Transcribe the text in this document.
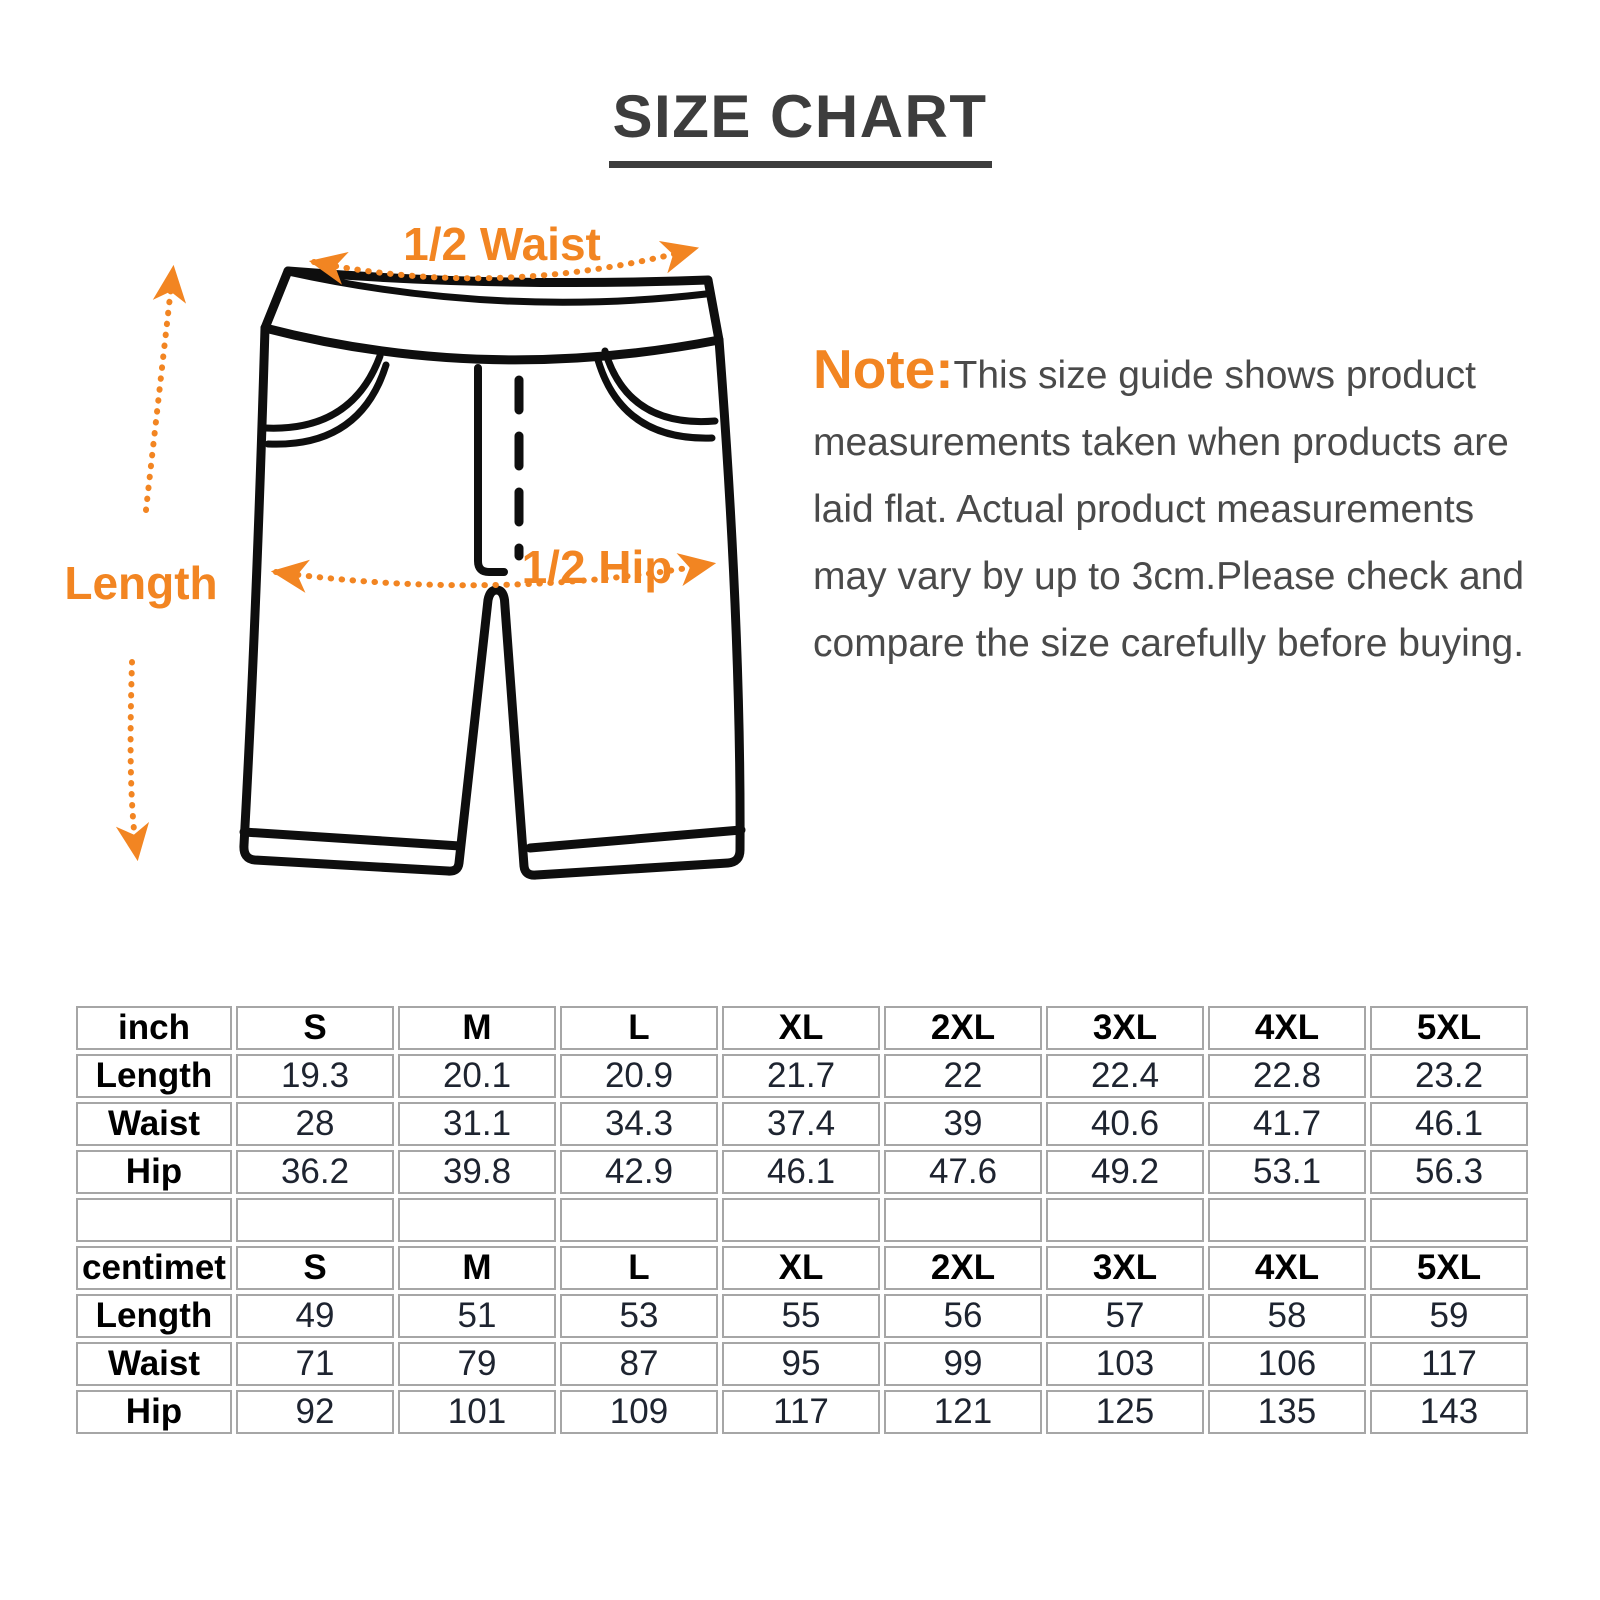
SIZE CHART
1/2 Waist
1/2 Hip
Length
Note:This size guide shows product measurements taken when products are laid flat. Actual product measurements may vary by up to 3cm.Please check and compare the size carefully before buying.
inch	S	M	L	XL	2XL	3XL	4XL	5XL
Length	19.3	20.1	20.9	21.7	22	22.4	22.8	23.2
Waist	28	31.1	34.3	37.4	39	40.6	41.7	46.1
Hip	36.2	39.8	42.9	46.1	47.6	49.2	53.1	56.3

centimet	S	M	L	XL	2XL	3XL	4XL	5XL
Length	49	51	53	55	56	57	58	59
Waist	71	79	87	95	99	103	106	117
Hip	92	101	109	117	121	125	135	143
